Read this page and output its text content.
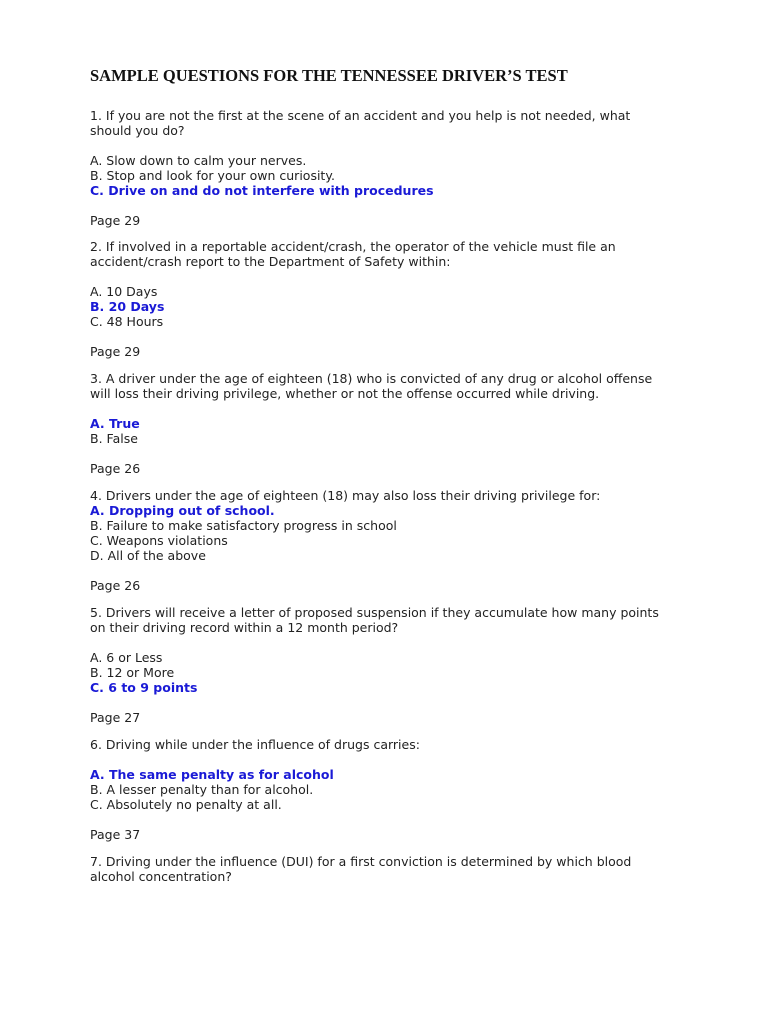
SAMPLE QUESTIONS FOR THE TENNESSEE DRIVER’S TEST
1. If you are not the first at the scene of an accident and you help is not needed, what
should you do?
A. Slow down to calm your nerves.
B. Stop and look for your own curiosity.
C. Drive on and do not interfere with procedures
Page 29
2. If involved in a reportable accident/crash, the operator of the vehicle must file an
accident/crash report to the Department of Safety within:
A. 10 Days
B. 20 Days
C. 48 Hours
Page 29
3. A driver under the age of eighteen (18) who is convicted of any drug or alcohol offense
will loss their driving privilege, whether or not the offense occurred while driving.
A. True
B. False
Page 26
4. Drivers under the age of eighteen (18) may also loss their driving privilege for:
A. Dropping out of school.
B. Failure to make satisfactory progress in school
C. Weapons violations
D. All of the above
Page 26
5. Drivers will receive a letter of proposed suspension if they accumulate how many points
on their driving record within a 12 month period?
A. 6 or Less
B. 12 or More
C. 6 to 9 points
Page 27
6. Driving while under the influence of drugs carries:
A. The same penalty as for alcohol
B. A lesser penalty than for alcohol.
C. Absolutely no penalty at all.
Page 37
7. Driving under the influence (DUI) for a first conviction is determined by which blood
alcohol concentration?
